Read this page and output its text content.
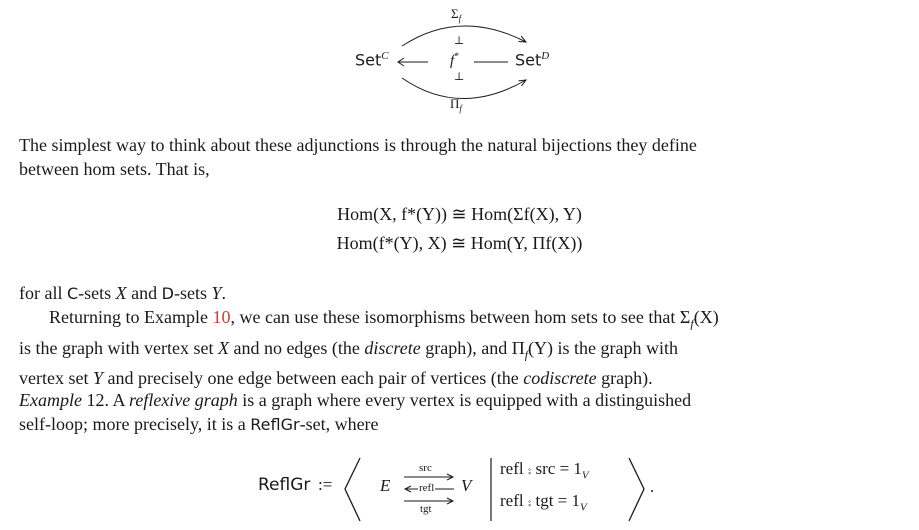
Set$^C$	Set$^D$
$\Sigma_f$
⊥
f*
⊥
$\Pi_f$
The simplest way to think about these adjunctions is through the natural bijections they define
between hom sets. That is,
Hom(X, f*(Y)) ≅ Hom(Σf(X), Y)
Hom(f*(Y), X) ≅ Hom(Y, Πf(X))
for all C-sets X and D-sets Y.
Returning to Example 10, we can use these isomorphisms between hom sets to see that $\Sigma_f(X)$
is the graph with vertex set X and no edges (the discrete graph), and $\Pi_f(Y)$ is the graph with
vertex set Y and precisely one edge between each pair of vertices (the codiscrete graph).
Example 12. A reflexive graph is a graph where every vertex is equipped with a distinguished
self-loop; more precisely, it is a ReflGr-set, where
ReflGr :=	E	V
src
refl
tgt
refl ⨾ src = $1_V$
refl ⨾ tgt = $1_V$
.
